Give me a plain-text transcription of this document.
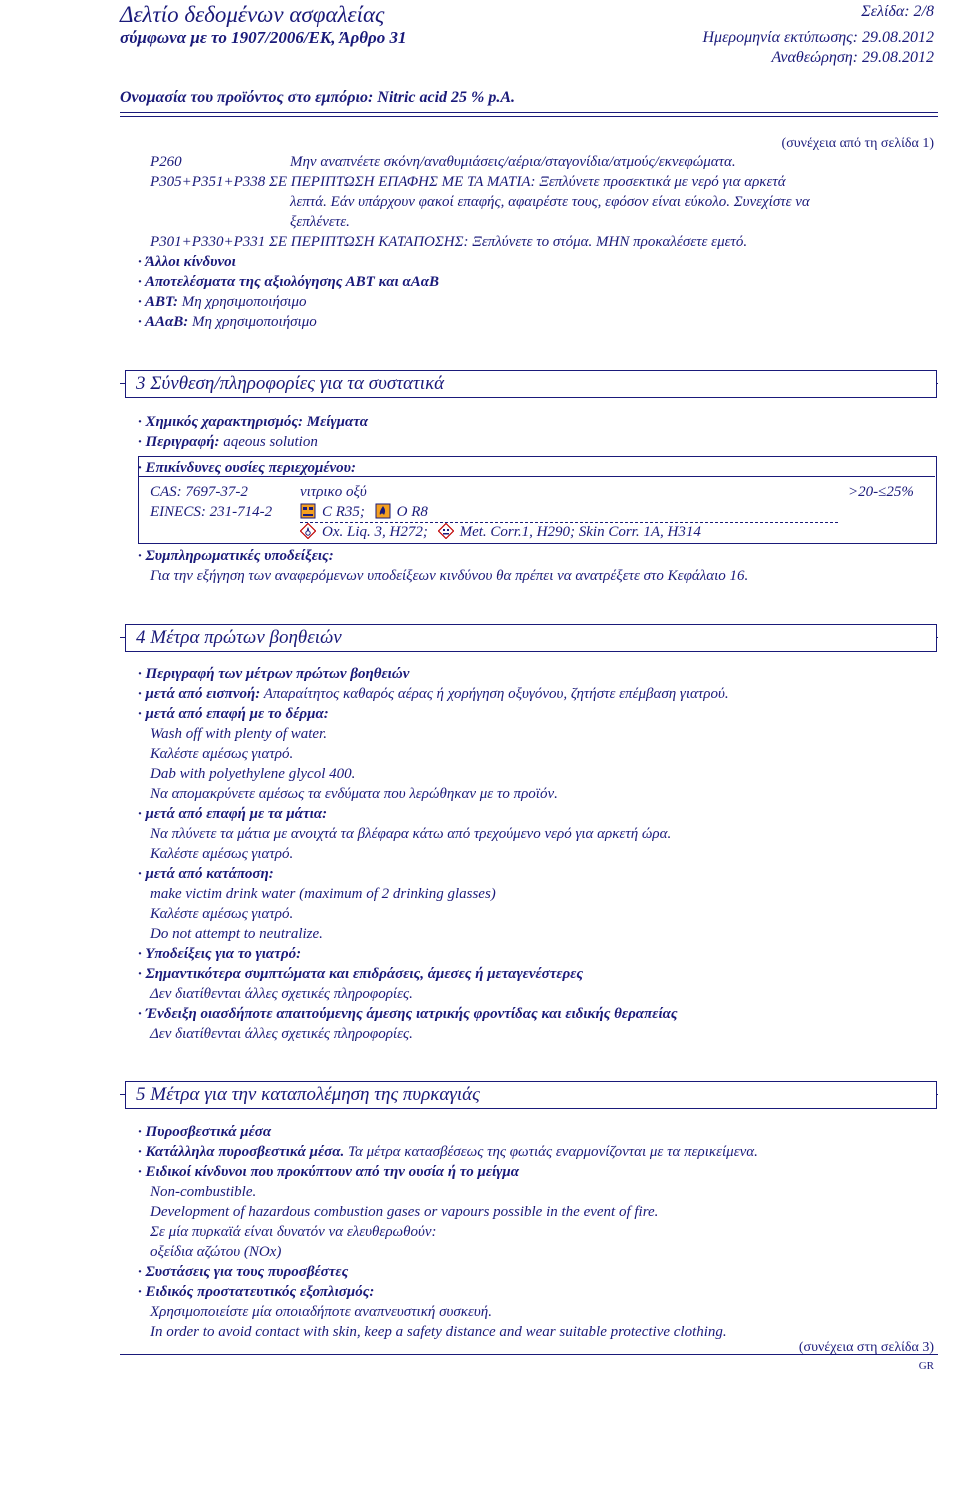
Δελτίο δεδομένων ασφαλείας
σύμφωνα με το 1907/2006/ΕΚ, Άρθρο 31
Σελίδα: 2/8
Ημερομηνία εκτύπωσης: 29.08.2012
Αναθεώρηση: 29.08.2012
Ονομασία του προϊόντος στο εμπόριο: Nitric acid 25 % p.A.
(συνέχεια από τη σελίδα 1)
P260	Μην αναπνέετε σκόνη/αναθυμιάσεις/αέρια/σταγονίδια/ατμούς/εκνεφώματα.
P305+P351+P338 ΣΕ ΠΕΡΙΠΤΩΣΗ ΕΠΑΦΗΣ ΜΕ ΤΑ ΜΑΤΙΑ: Ξεπλύνετε προσεκτικά με νερό για αρκετά
λεπτά. Εάν υπάρχουν φακοί επαφής, αφαιρέστε τους, εφόσον είναι εύκολο. Συνεχίστε να
ξεπλένετε.
P301+P330+P331 ΣΕ ΠΕΡΙΠΤΩΣΗ ΚΑΤΑΠΟΣΗΣ: Ξεπλύνετε το στόμα. ΜΗΝ προκαλέσετε εμετό.
· Άλλοι κίνδυνοι
· Αποτελέσματα της αξιολόγησης ΑΒΤ και αΑαΒ
· ΑΒΤ: Μη χρησιμοποιήσιμο
· ΑΑαΒ: Μη χρησιμοποιήσιμο
3 Σύνθεση/πληροφορίες για τα συστατικά
· Χημικός χαρακτηρισμός: Μείγματα
· Περιγραφή: aqeous solution
· Επικίνδυνες ουσίες περιεχομένου:
CAS: 7697-37-2
EINECS: 231-714-2
νιτρικο οξύ	>20-≤25%
C R35; O R8
Ox. Liq. 3, H272; Met. Corr.1, H290; Skin Corr. 1A, H314
· Συμπληρωματικές υποδείξεις:
Για την εξήγηση των αναφερόμενων υποδείξεων κινδύνου θα πρέπει να ανατρέξετε στο Κεφάλαιο 16.
4 Μέτρα πρώτων βοηθειών
· Περιγραφή των μέτρων πρώτων βοηθειών
· μετά από εισπνοή: Απαραίτητος καθαρός αέρας ή χορήγηση οξυγόνου, ζητήστε επέμβαση γιατρού.
· μετά από επαφή με το δέρμα:
Wash off with plenty of water.
Καλέστε αμέσως γιατρό.
Dab with polyethylene glycol 400.
Να απομακρύνετε αμέσως τα ενδύματα που λερώθηκαν με το προϊόν.
· μετά από επαφή με τα μάτια:
Να πλύνετε τα μάτια με ανοιχτά τα βλέφαρα κάτω από τρεχούμενο νερό για αρκετή ώρα.
Καλέστε αμέσως γιατρό.
· μετά από κατάποση:
make victim drink water (maximum of 2 drinking glasses)
Καλέστε αμέσως γιατρό.
Do not attempt to neutralize.
· Υποδείξεις για το γιατρό:
· Σημαντικότερα συμπτώματα και επιδράσεις, άμεσες ή μεταγενέστερες
Δεν διατίθενται άλλες σχετικές πληροφορίες.
· Ένδειξη οιασδήποτε απαιτούμενης άμεσης ιατρικής φροντίδας και ειδικής θεραπείας
Δεν διατίθενται άλλες σχετικές πληροφορίες.
5 Μέτρα για την καταπολέμηση της πυρκαγιάς
· Πυροσβεστικά μέσα
· Κατάλληλα πυροσβεστικά μέσα. Τα μέτρα κατασβέσεως της φωτιάς εναρμονίζονται με τα περικείμενα.
· Ειδικοί κίνδυνοι που προκύπτουν από την ουσία ή το μείγμα
Non-combustible.
Development of hazardous combustion gases or vapours possible in the event of fire.
Σε μία πυρκαϊά είναι δυνατόν να ελευθερωθούν:
οξείδια αζώτου (NOx)
· Συστάσεις για τους πυροσβέστες
· Ειδικός προστατευτικός εξοπλισμός:
Χρησιμοποιείστε μία οποιαδήποτε αναπνευστική συσκευή.
In order to avoid contact with skin, keep a safety distance and wear suitable protective clothing.
(συνέχεια στη σελίδα 3)
GR
